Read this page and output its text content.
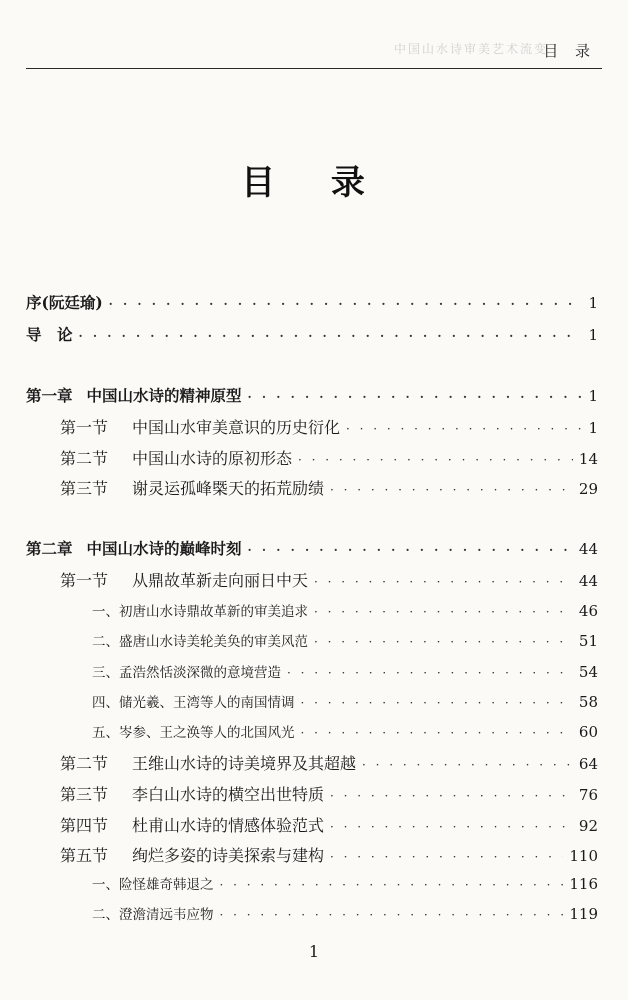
中国山水诗审美艺术流变
目 录
目 录
序(阮廷瑜) · · ·	1
导　论 · · ·	1
第一章 中国山水诗的精神原型 · · ·	1
第一节	中国山水审美意识的历史衍化 · · ·	1
第二节	中国山水诗的原初形态 · · ·	14
第三节	谢灵运孤峰㮣天的拓荒励绩 · · ·	29
第二章 中国山水诗的巅峰时刻 · · ·	44
第一节	从鼎故革新走向丽日中天 · · ·	44
一、初唐山水诗鼎故革新的审美追求 · · ·	46
二、盛唐山水诗美轮美奂的审美风范 · · ·	51
三、孟浩然恬淡深微的意境营造 · · ·	54
四、储光羲、王湾等人的南国情调 · · ·	58
五、岑参、王之涣等人的北国风光 · · ·	60
第二节	王维山水诗的诗美境界及其超越 · · ·	64
第三节	李白山水诗的横空出世特质 · · ·	76
第四节	杜甫山水诗的情感体验范式 · · ·	92
第五节	绚烂多姿的诗美探索与建构 · · ·	110
一、险怪雄奇韩退之 · · ·	116
二、澄澹清远韦应物 · · ·	119
1
